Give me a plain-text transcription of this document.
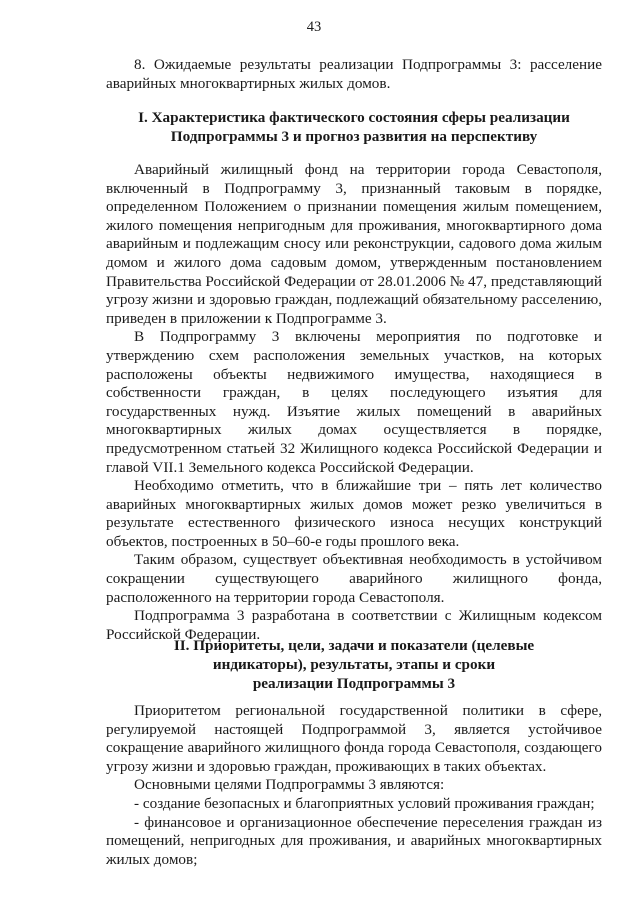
43

8. Ожидаемые результаты реализации Подпрограммы 3: расселение аварийных многоквартирных жилых домов.

I. Характеристика фактического состояния сферы реализации
Подпрограммы 3 и прогноз развития на перспективу

Аварийный жилищный фонд на территории города Севастополя, включенный в Подпрограмму 3, признанный таковым в порядке, определенном Положением о признании помещения жилым помещением, жилого помещения непригодным для проживания, многоквартирного дома аварийным и подлежащим сносу или реконструкции, садового дома жилым домом и жилого дома садовым домом, утвержденным постановлением Правительства Российской Федерации от 28.01.2006 № 47, представляющий угрозу жизни и здоровью граждан, подлежащий обязательному расселению, приведен в приложении к Подпрограмме 3.

В Подпрограмму 3 включены мероприятия по подготовке и утверждению схем расположения земельных участков, на которых расположены объекты недвижимого имущества, находящиеся в собственности граждан, в целях последующего изъятия для государственных нужд. Изъятие жилых помещений в аварийных многоквартирных жилых домах осуществляется в порядке, предусмотренном статьей 32 Жилищного кодекса Российской Федерации и главой VII.1 Земельного кодекса Российской Федерации.

Необходимо отметить, что в ближайшие три – пять лет количество аварийных многоквартирных жилых домов может резко увеличиться в результате естественного физического износа несущих конструкций объектов, построенных в 50–60-е годы прошлого века.

Таким образом, существует объективная необходимость в устойчивом сокращении существующего аварийного жилищного фонда, расположенного на территории города Севастополя.

Подпрограмма 3 разработана в соответствии с Жилищным кодексом Российской Федерации.

II. Приоритеты, цели, задачи и показатели (целевые
индикаторы), результаты, этапы и сроки
реализации Подпрограммы 3

Приоритетом региональной государственной политики в сфере, регулируемой настоящей Подпрограммой 3, является устойчивое сокращение аварийного жилищного фонда города Севастополя, создающего угрозу жизни и здоровью граждан, проживающих в таких объектах.

Основными целями Подпрограммы 3 являются:

- создание безопасных и благоприятных условий проживания граждан;

- финансовое и организационное обеспечение переселения граждан из помещений, непригодных для проживания, и аварийных многоквартирных жилых домов;
